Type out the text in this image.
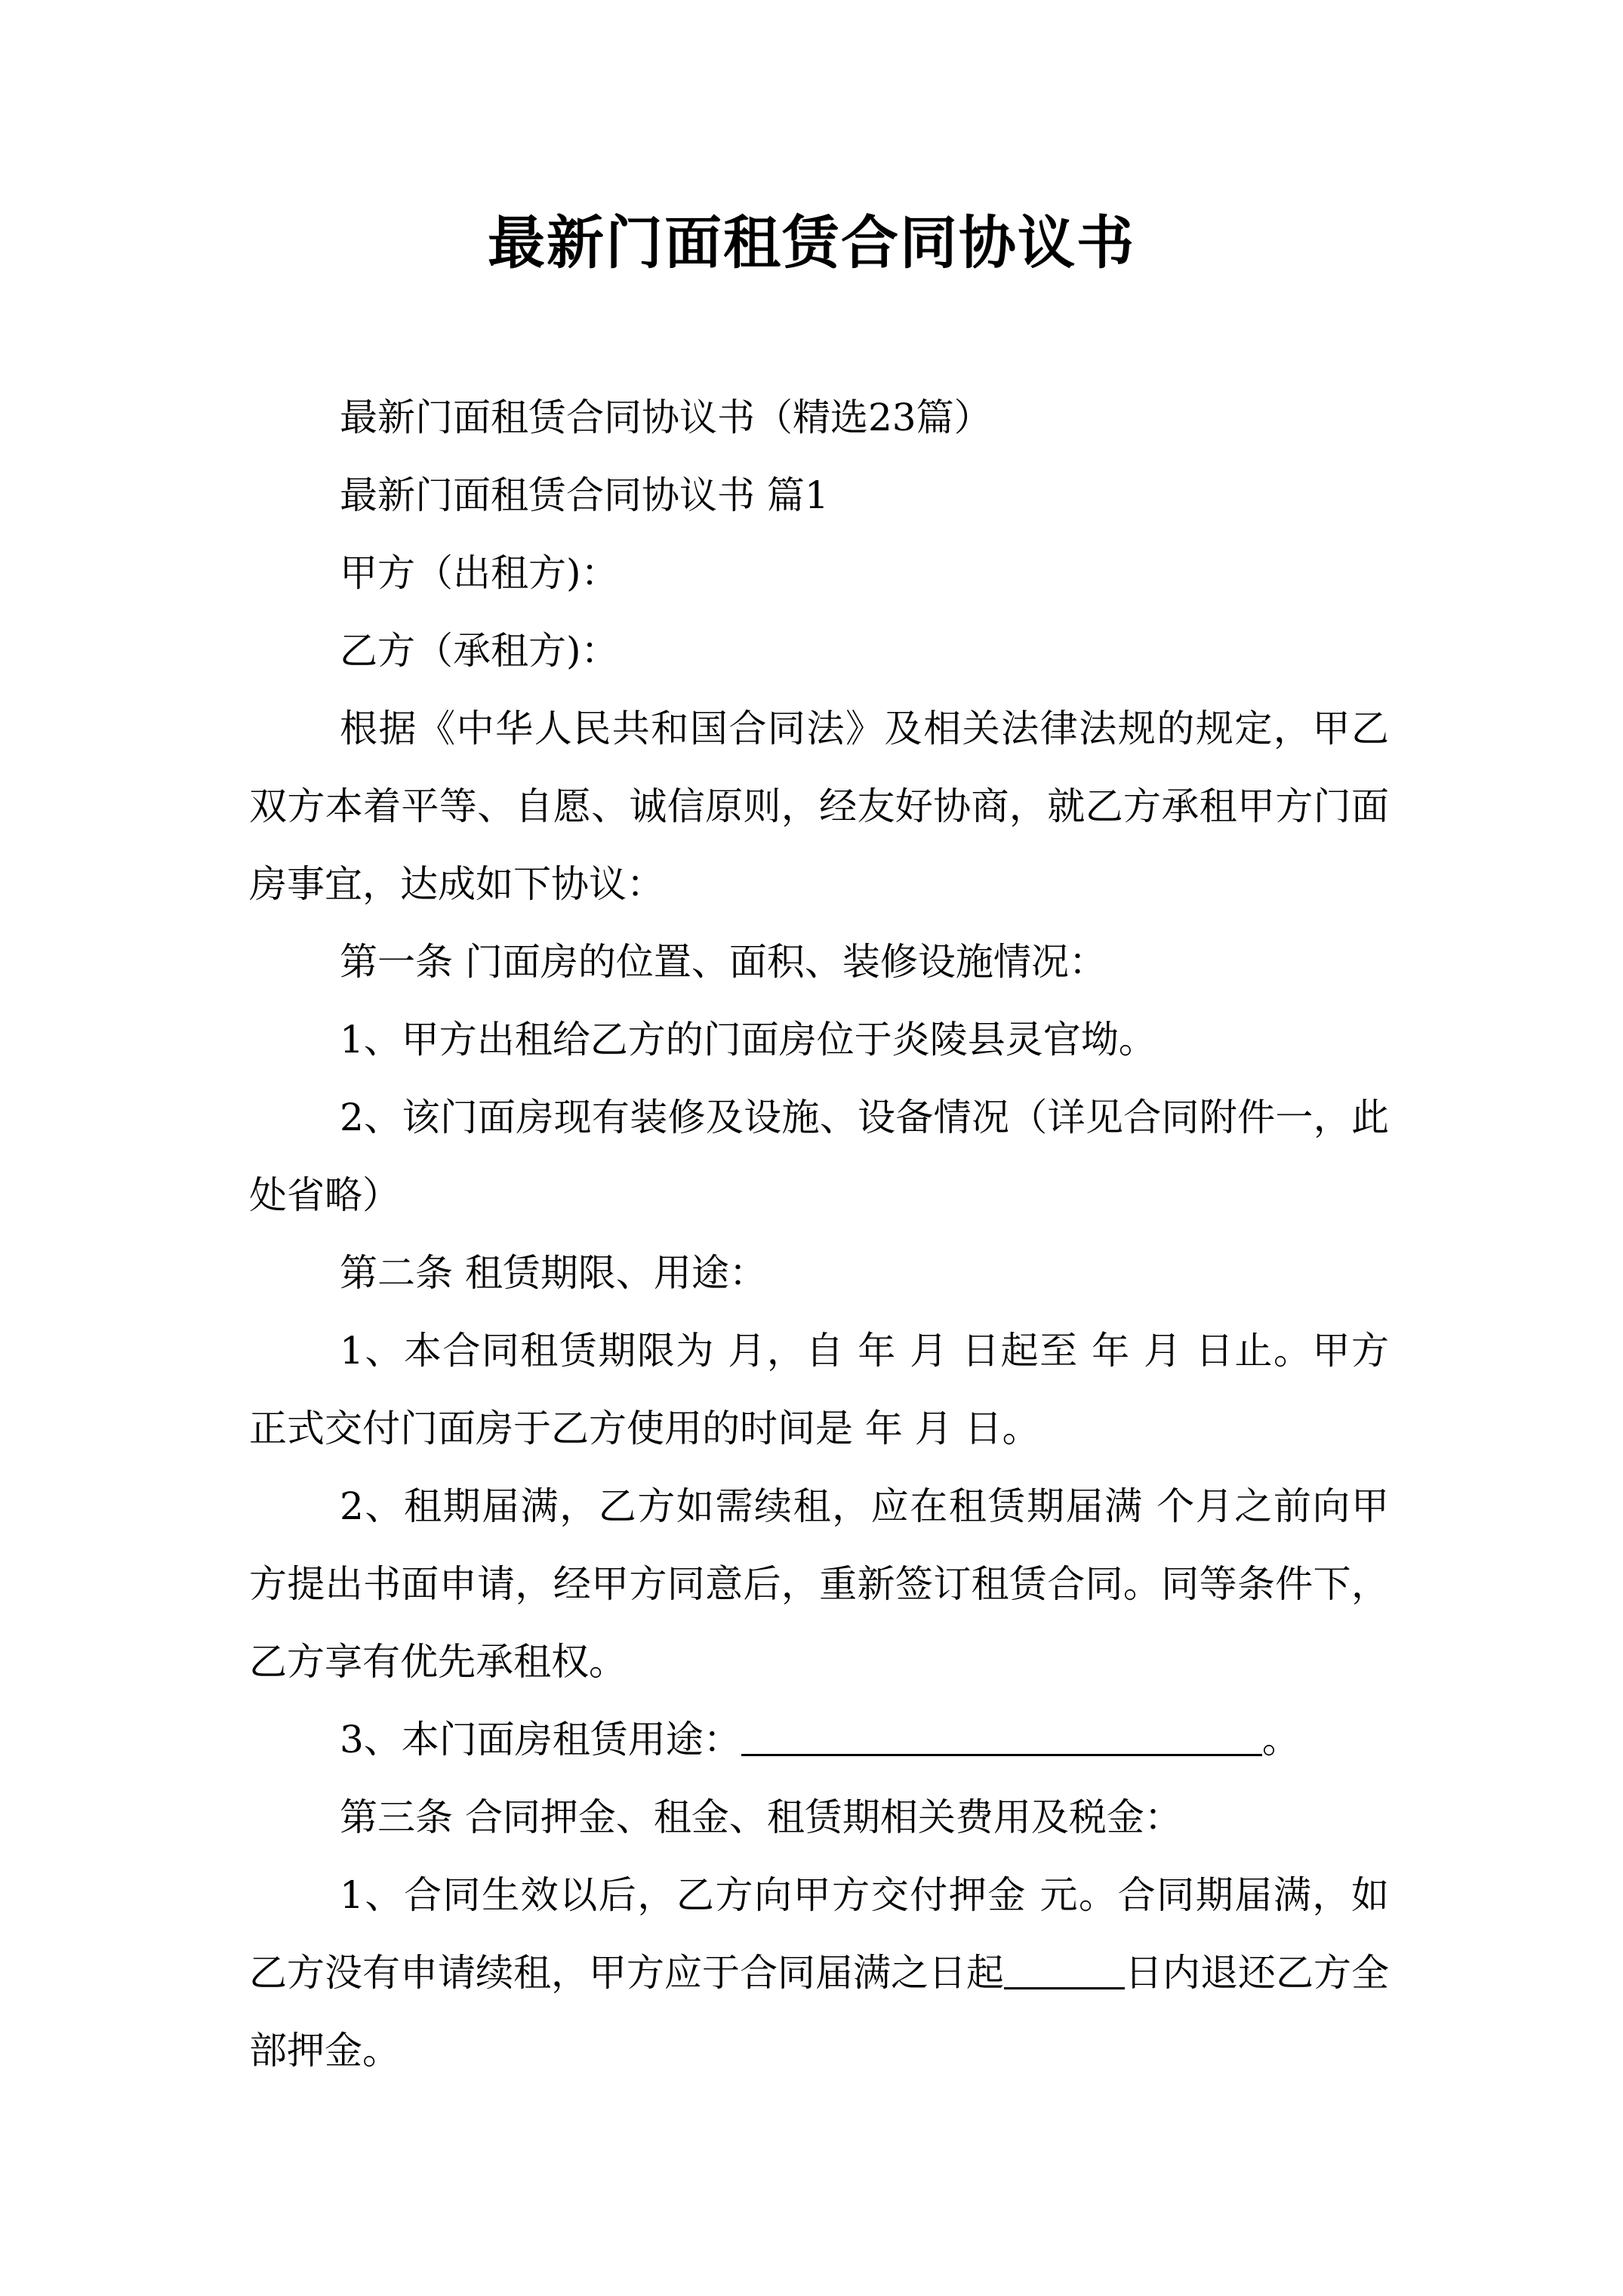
最新门面租赁合同协议书

最新门面租赁合同协议书（精选23篇）

最新门面租赁合同协议书 篇1

甲方（出租方)：

乙方（承租方)：

根据《中华人民共和国合同法》及相关法律法规的规定，甲乙双方本着平等、自愿、诚信原则，经友好协商，就乙方承租甲方门面房事宜，达成如下协议：

第一条 门面房的位置、面积、装修设施情况：

1、甲方出租给乙方的门面房位于炎陵县灵官坳。

2、该门面房现有装修及设施、设备情况（详见合同附件一，此处省略）

第二条 租赁期限、用途：

1、本合同租赁期限为 月，自 年 月 日起至 年 月 日止。甲方正式交付门面房于乙方使用的时间是 年 月 日。

2、租期届满，乙方如需续租，应在租赁期届满 个月之前向甲方提出书面申请，经甲方同意后，重新签订租赁合同。同等条件下，乙方享有优先承租权。

3、本门面房租赁用途：	。

第三条 合同押金、租金、租赁期相关费用及税金：

1、合同生效以后，乙方向甲方交付押金 元。合同期届满，如乙方没有申请续租，甲方应于合同届满之日起	日内退还乙方全部押金。
